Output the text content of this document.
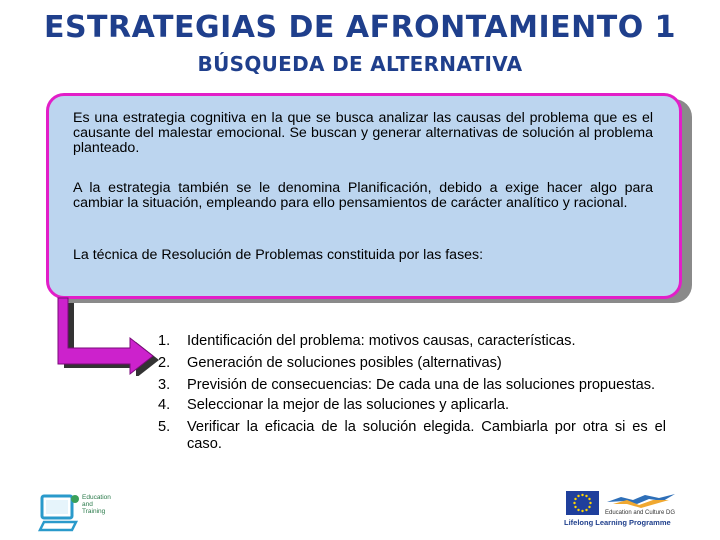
ESTRATEGIAS DE AFRONTAMIENTO 1
BÚSQUEDA DE ALTERNATIVA

Es una estrategia cognitiva en la que se busca analizar las causas del problema que es el causante del malestar emocional. Se buscan y generar alternativas de solución al problema planteado.

A la estrategia también se le denomina Planificación, debido a exige hacer algo para cambiar la situación, empleando para ello pensamientos de carácter analítico y racional.

La técnica de Resolución de Problemas constituida por las fases:

1. Identificación del problema: motivos causas, características.
2. Generación de soluciones posibles (alternativas)
3. Previsión de consecuencias: De cada una de las soluciones propuestas.
4. Seleccionar la mejor de las soluciones y aplicarla.
5. Verificar la eficacia de la solución elegida. Cambiarla por otra si es el caso.
Education
and
Training	Education and Culture DG
Lifelong Learning Programme
